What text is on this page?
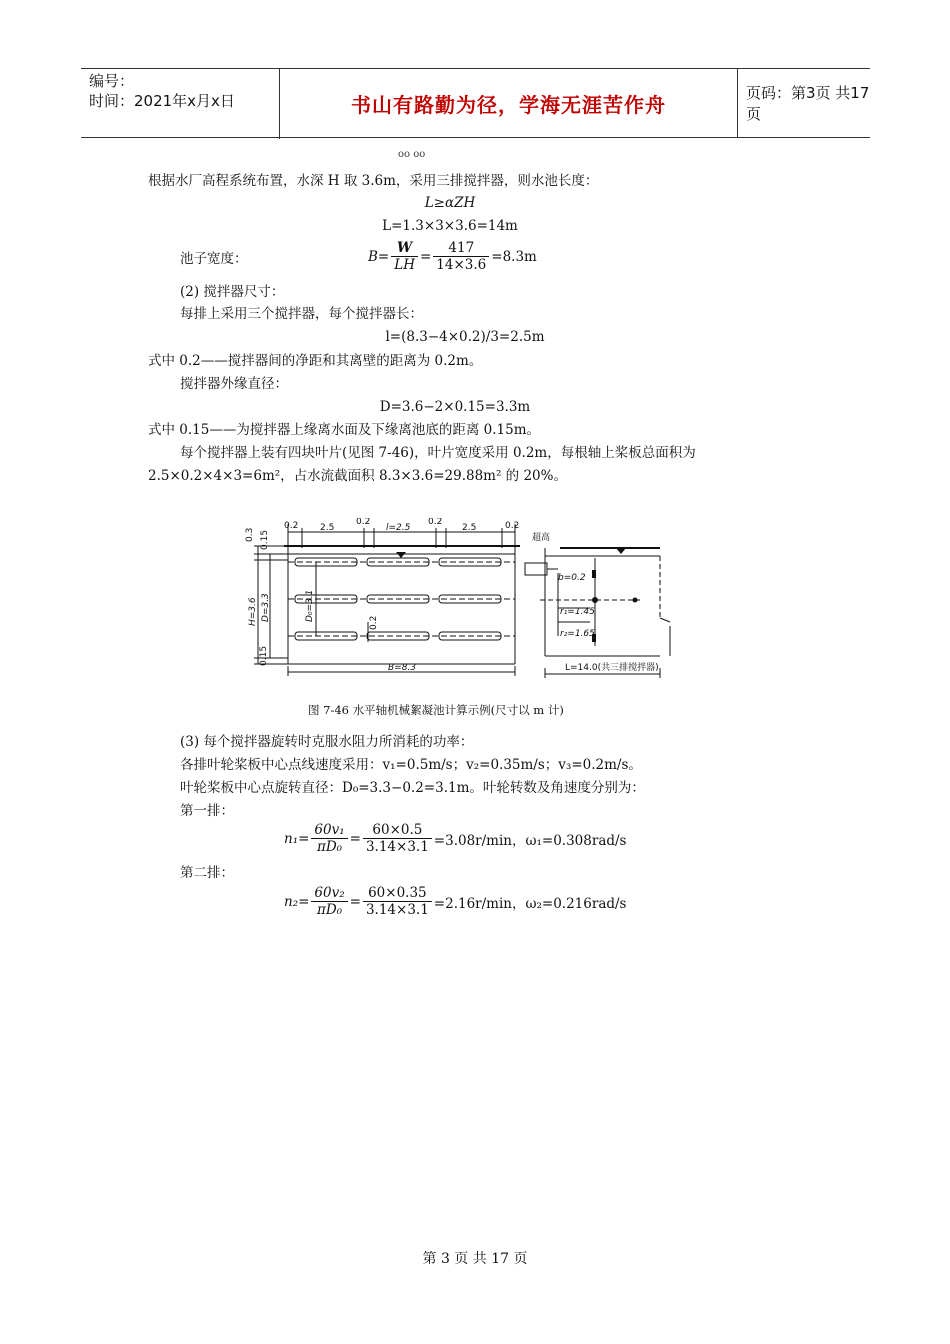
编号：
时间：2021年x月x日	书山有路勤为径，学海无涯苦作舟	页码：第3页 共17页
oo oo
根据水厂高程系统布置，水深 H 取 3.6m，采用三排搅拌器，则水池长度：
L≥αZH
L=1.3×3×3.6=14m
池子宽度：	$B= \frac{W}{LH} = \frac{417}{14\times 3.6} =8.3m$
(2) 搅拌器尺寸：
每排上采用三个搅拌器，每个搅拌器长：
l=(8.3−4×0.2)/3=2.5m
式中 0.2——搅拌器间的净距和其离壁的距离为 0.2m。
搅拌器外缘直径：
D=3.6−2×0.15=3.3m
式中 0.15——为搅拌器上缘离水面及下缘离池底的距离 0.15m。
每个搅拌器上装有四块叶片(见图 7-46)，叶片宽度采用 0.2m，每根轴上桨板总面积为
2.5×0.2×4×3=6m²，占水流截面积 8.3×3.6=29.88m² 的 20%。
0.2 2.5
0.2
l=2.5
0.2
2.5	0.2
0.3 0.15
H=3.6 D=3.3	D₀=3.1
0.2
0.15
B=8.3
超高
b=0.2
r₁=1.45
r₂=1.65
L=14.0(共三排搅拌器)
图 7-46 水平轴机械絮凝池计算示例(尺寸以 m 计)
(3) 每个搅拌器旋转时克服水阻力所消耗的功率：
各排叶轮桨板中心点线速度采用：v₁=0.5m/s；v₂=0.35m/s；v₃=0.2m/s。
叶轮桨板中心点旋转直径：D₀=3.3−0.2=3.1m。叶轮转数及角速度分别为：
第一排：
$n_1= \frac{\text{60v₁}}{\text{πD₀}} = \frac{60\times 0.5}{3.14\times 3.1} =3.08r/\min$，ω₁=0.308rad/s
第二排：
$n_2= \frac{\text{60v₂}}{\text{πD₀}} = \frac{60\times 0.35}{3.14\times 3.1} =2.16r/\min$，ω₂=0.216rad/s
第 3 页 共 17 页
